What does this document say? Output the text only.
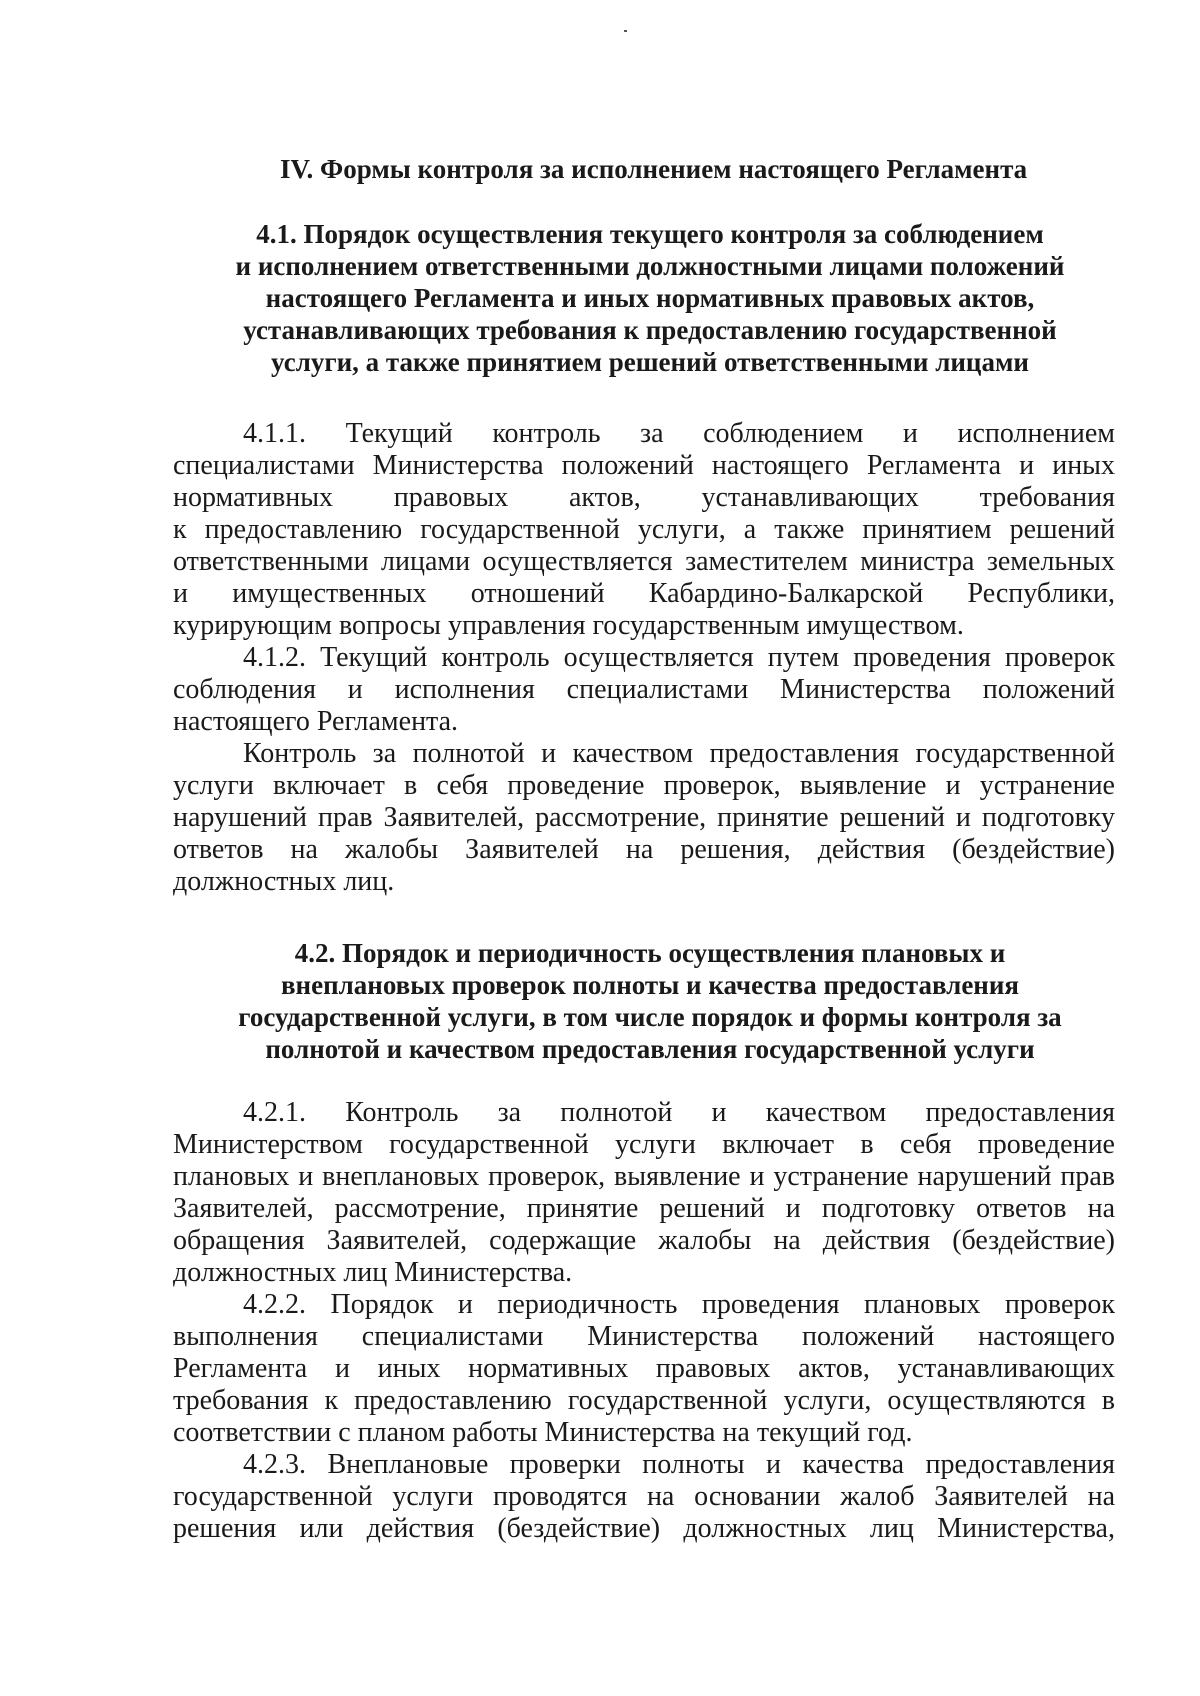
IV. Формы контроля за исполнением настоящего Регламента
4.1. Порядок осуществления текущего контроля за соблюдением
и исполнением ответственными должностными лицами положений
настоящего Регламента и иных нормативных правовых актов,
устанавливающих требования к предоставлению государственной
услуги, а также принятием решений ответственными лицами
4.1.1. Текущий контроль за соблюдением и исполнением
специалистами Министерства положений настоящего Регламента и иных
нормативных правовых актов, устанавливающих требования
к предоставлению государственной услуги, а также принятием решений
ответственными лицами осуществляется заместителем министра земельных
и имущественных отношений Кабардино-Балкарской Республики,
курирующим вопросы управления государственным имуществом.
4.1.2. Текущий контроль осуществляется путем проведения проверок
соблюдения и исполнения специалистами Министерства положений
настоящего Регламента.
Контроль за полнотой и качеством предоставления государственной
услуги включает в себя проведение проверок, выявление и устранение
нарушений прав Заявителей, рассмотрение, принятие решений и подготовку
ответов на жалобы Заявителей на решения, действия (бездействие)
должностных лиц.
4.2. Порядок и периодичность осуществления плановых и
внеплановых проверок полноты и качества предоставления
государственной услуги, в том числе порядок и формы контроля за
полнотой и качеством предоставления государственной услуги
4.2.1. Контроль за полнотой и качеством предоставления
Министерством государственной услуги включает в себя проведение
плановых и внеплановых проверок, выявление и устранение нарушений прав
Заявителей, рассмотрение, принятие решений и подготовку ответов на
обращения Заявителей, содержащие жалобы на действия (бездействие)
должностных лиц Министерства.
4.2.2. Порядок и периодичность проведения плановых проверок
выполнения специалистами Министерства положений настоящего
Регламента и иных нормативных правовых актов, устанавливающих
требования к предоставлению государственной услуги, осуществляются в
соответствии с планом работы Министерства на текущий год.
4.2.3. Внеплановые проверки полноты и качества предоставления
государственной услуги проводятся на основании жалоб Заявителей на
решения или действия (бездействие) должностных лиц Министерства,
